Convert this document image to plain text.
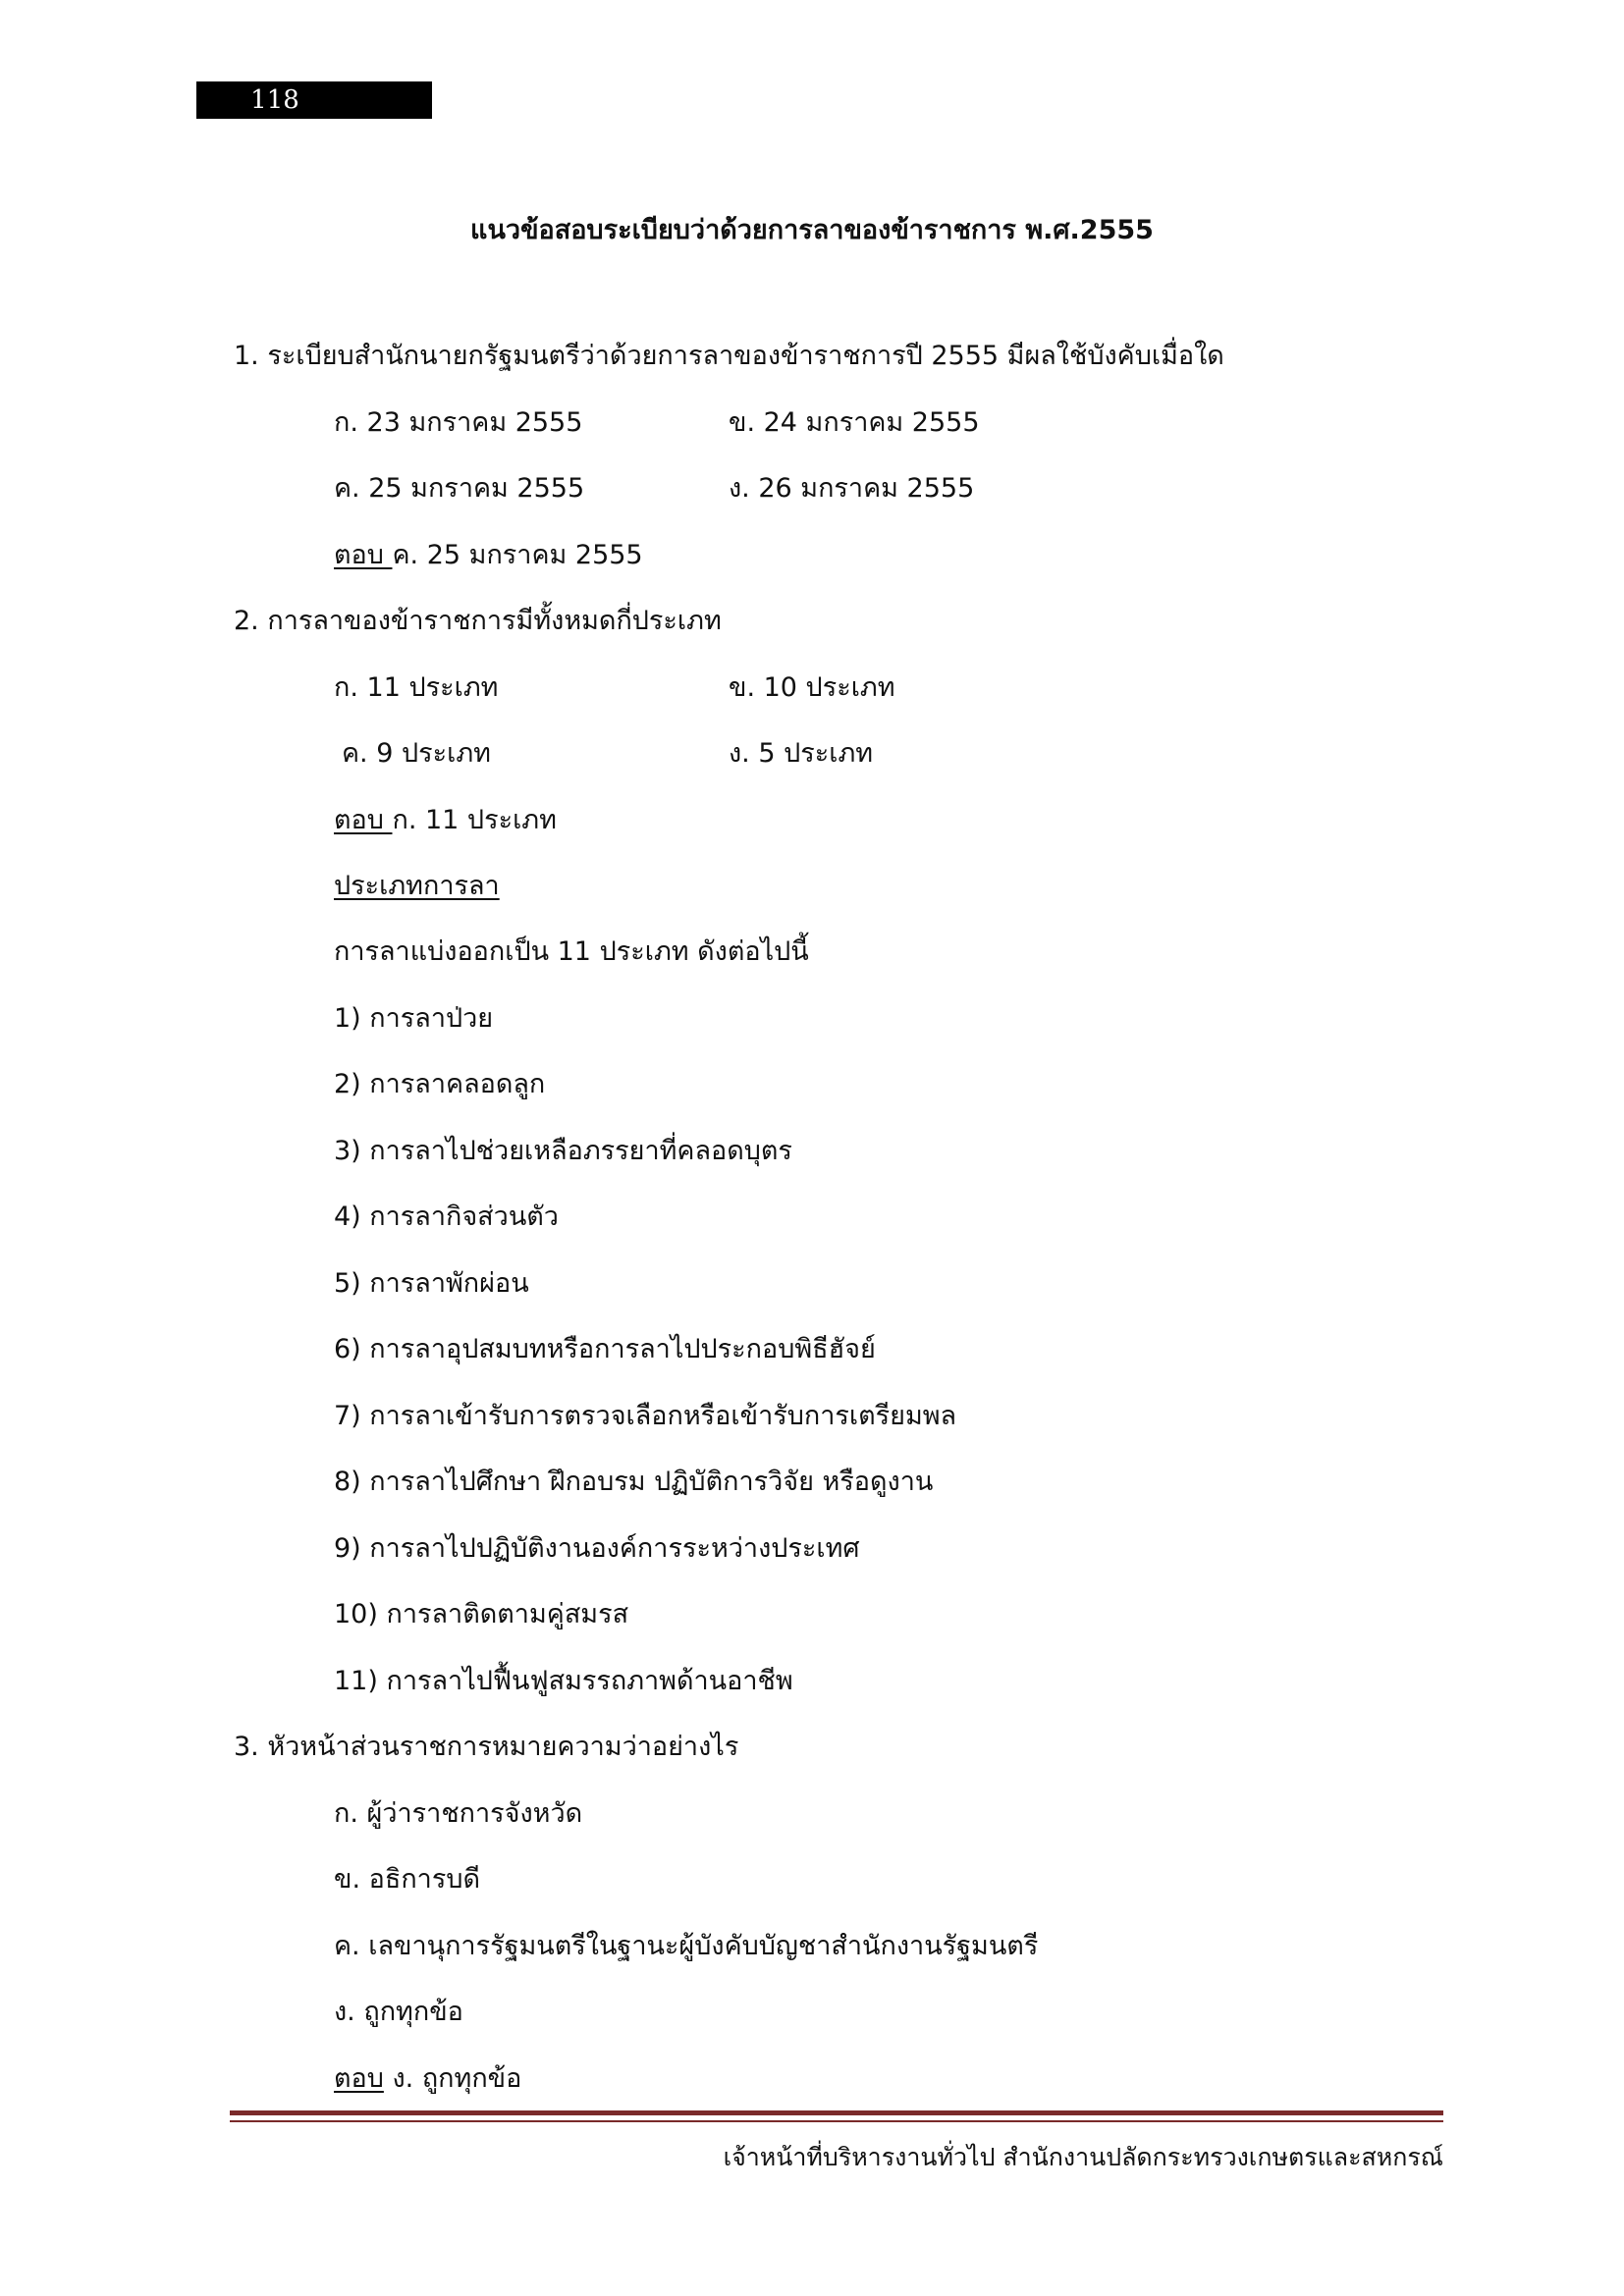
118
แนวข้อสอบระเบียบว่าด้วยการลาของข้าราชการ พ.ศ.2555
1. ระเบียบสำนักนายกรัฐมนตรีว่าด้วยการลาของข้าราชการปี 2555 มีผลใช้บังคับเมื่อใด
ก. 23 มกราคม 2555	ข. 24 มกราคม 2555
ค. 25 มกราคม 2555	ง. 26 มกราคม 2555
ตอบ ค. 25 มกราคม 2555
2. การลาของข้าราชการมีทั้งหมดกี่ประเภท
ก. 11 ประเภท	ข. 10 ประเภท
ค. 9 ประเภท	ง. 5 ประเภท
ตอบ ก. 11 ประเภท
ประเภทการลา
การลาแบ่งออกเป็น 11 ประเภท ดังต่อไปนี้
1) การลาป่วย
2) การลาคลอดลูก
3) การลาไปช่วยเหลือภรรยาที่คลอดบุตร
4) การลากิจส่วนตัว
5) การลาพักผ่อน
6) การลาอุปสมบทหรือการลาไปประกอบพิธีฮัจย์
7) การลาเข้ารับการตรวจเลือกหรือเข้ารับการเตรียมพล
8) การลาไปศึกษา ฝึกอบรม ปฏิบัติการวิจัย หรือดูงาน
9) การลาไปปฏิบัติงานองค์การระหว่างประเทศ
10) การลาติดตามคู่สมรส
11) การลาไปฟื้นฟูสมรรถภาพด้านอาชีพ
3. หัวหน้าส่วนราชการหมายความว่าอย่างไร
ก. ผู้ว่าราชการจังหวัด
ข. อธิการบดี
ค. เลขานุการรัฐมนตรีในฐานะผู้บังคับบัญชาสำนักงานรัฐมนตรี
ง. ถูกทุกข้อ
ตอบ ง. ถูกทุกข้อ
เจ้าหน้าที่บริหารงานทั่วไป สำนักงานปลัดกระทรวงเกษตรและสหกรณ์
